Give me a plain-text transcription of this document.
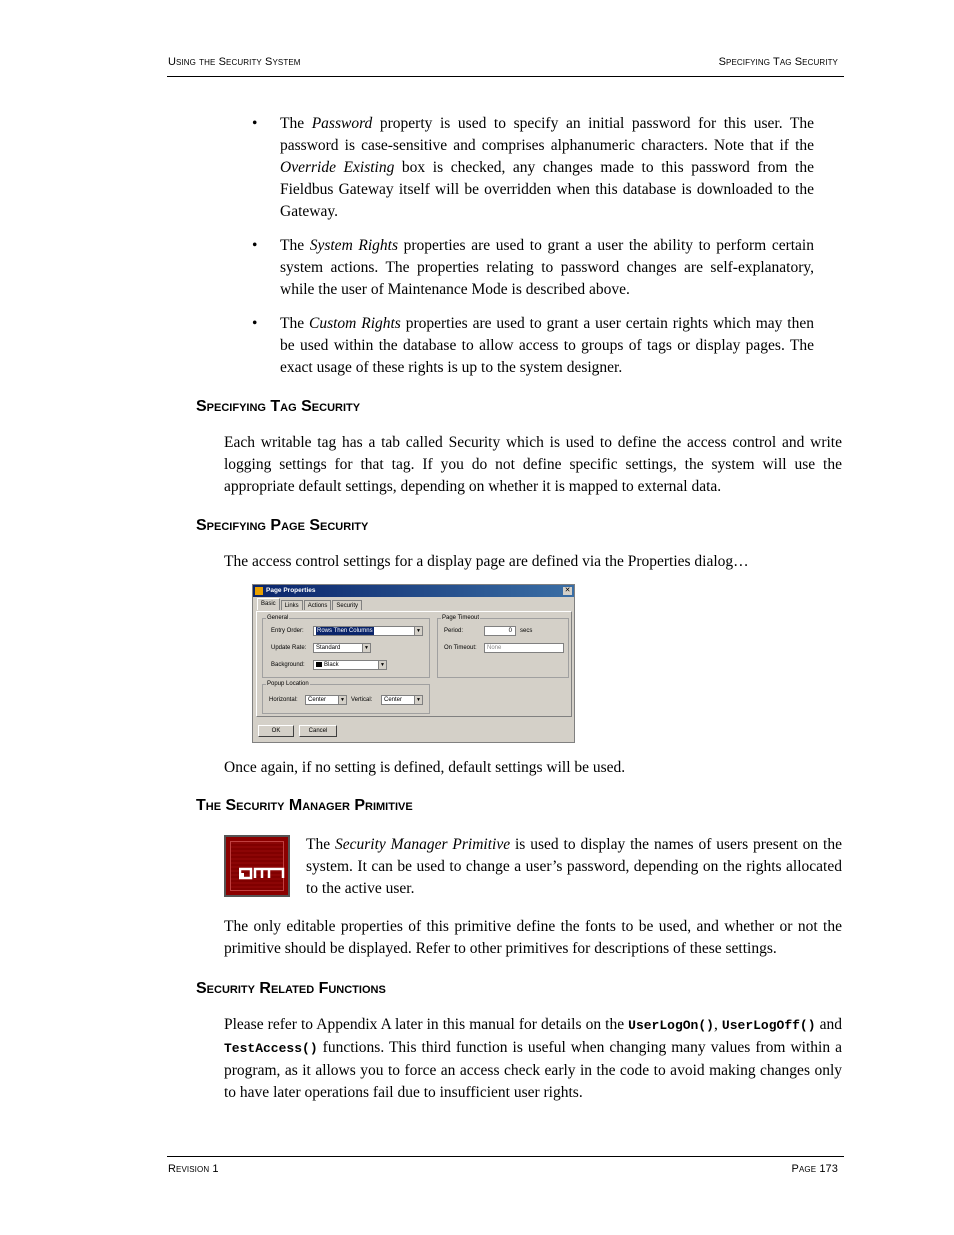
Using the Security System	Specifying Tag Security
• The Password property is used to specify an initial password for this user. The password is case-sensitive and comprises alphanumeric characters. Note that if the Override Existing box is checked, any changes made to this password from the Fieldbus Gateway itself will be overridden when this database is downloaded to the Gateway.
• The System Rights properties are used to grant a user the ability to perform certain system actions. The properties relating to password changes are self-explanatory, while the user of Maintenance Mode is described above.
• The Custom Rights properties are used to grant a user certain rights which may then be used within the database to allow access to groups of tags or display pages. The exact usage of these rights is up to the system designer.
Specifying Tag Security

Each writable tag has a tab called Security which is used to define the access control and write logging settings for that tag. If you do not define specific settings, the system will use the appropriate default settings, depending on whether it is mapped to external data.

Specifying Page Security

The access control settings for a display page are defined via the Properties dialog…

Page Properties	✕
Basic	Links	Actions	Security
General
Entry Order:	Rows Then Columns	▼
Update Rate:	Standard	▼
Background:	Black	▼
Page Timeout
Period:	0	secs
On Timeout:	None
Popup Location
Horizontal:	Center	▼ Vertical:	Center	▼
OK	Cancel

Once again, if no setting is defined, default settings will be used.

The Security Manager Primitive

The Security Manager Primitive is used to display the names of users present on the system. It can be used to change a user’s password, depending on the rights allocated to the active user.

The only editable properties of this primitive define the fonts to be used, and whether or not the primitive should be displayed. Refer to other primitives for descriptions of these settings.

Security Related Functions

Please refer to Appendix A later in this manual for details on the UserLogOn(), UserLogOff() and TestAccess() functions. This third function is useful when changing many values from within a program, as it allows you to force an access check early in the code to avoid making changes only to have later operations fail due to insufficient user rights.

Revision 1	Page 173
